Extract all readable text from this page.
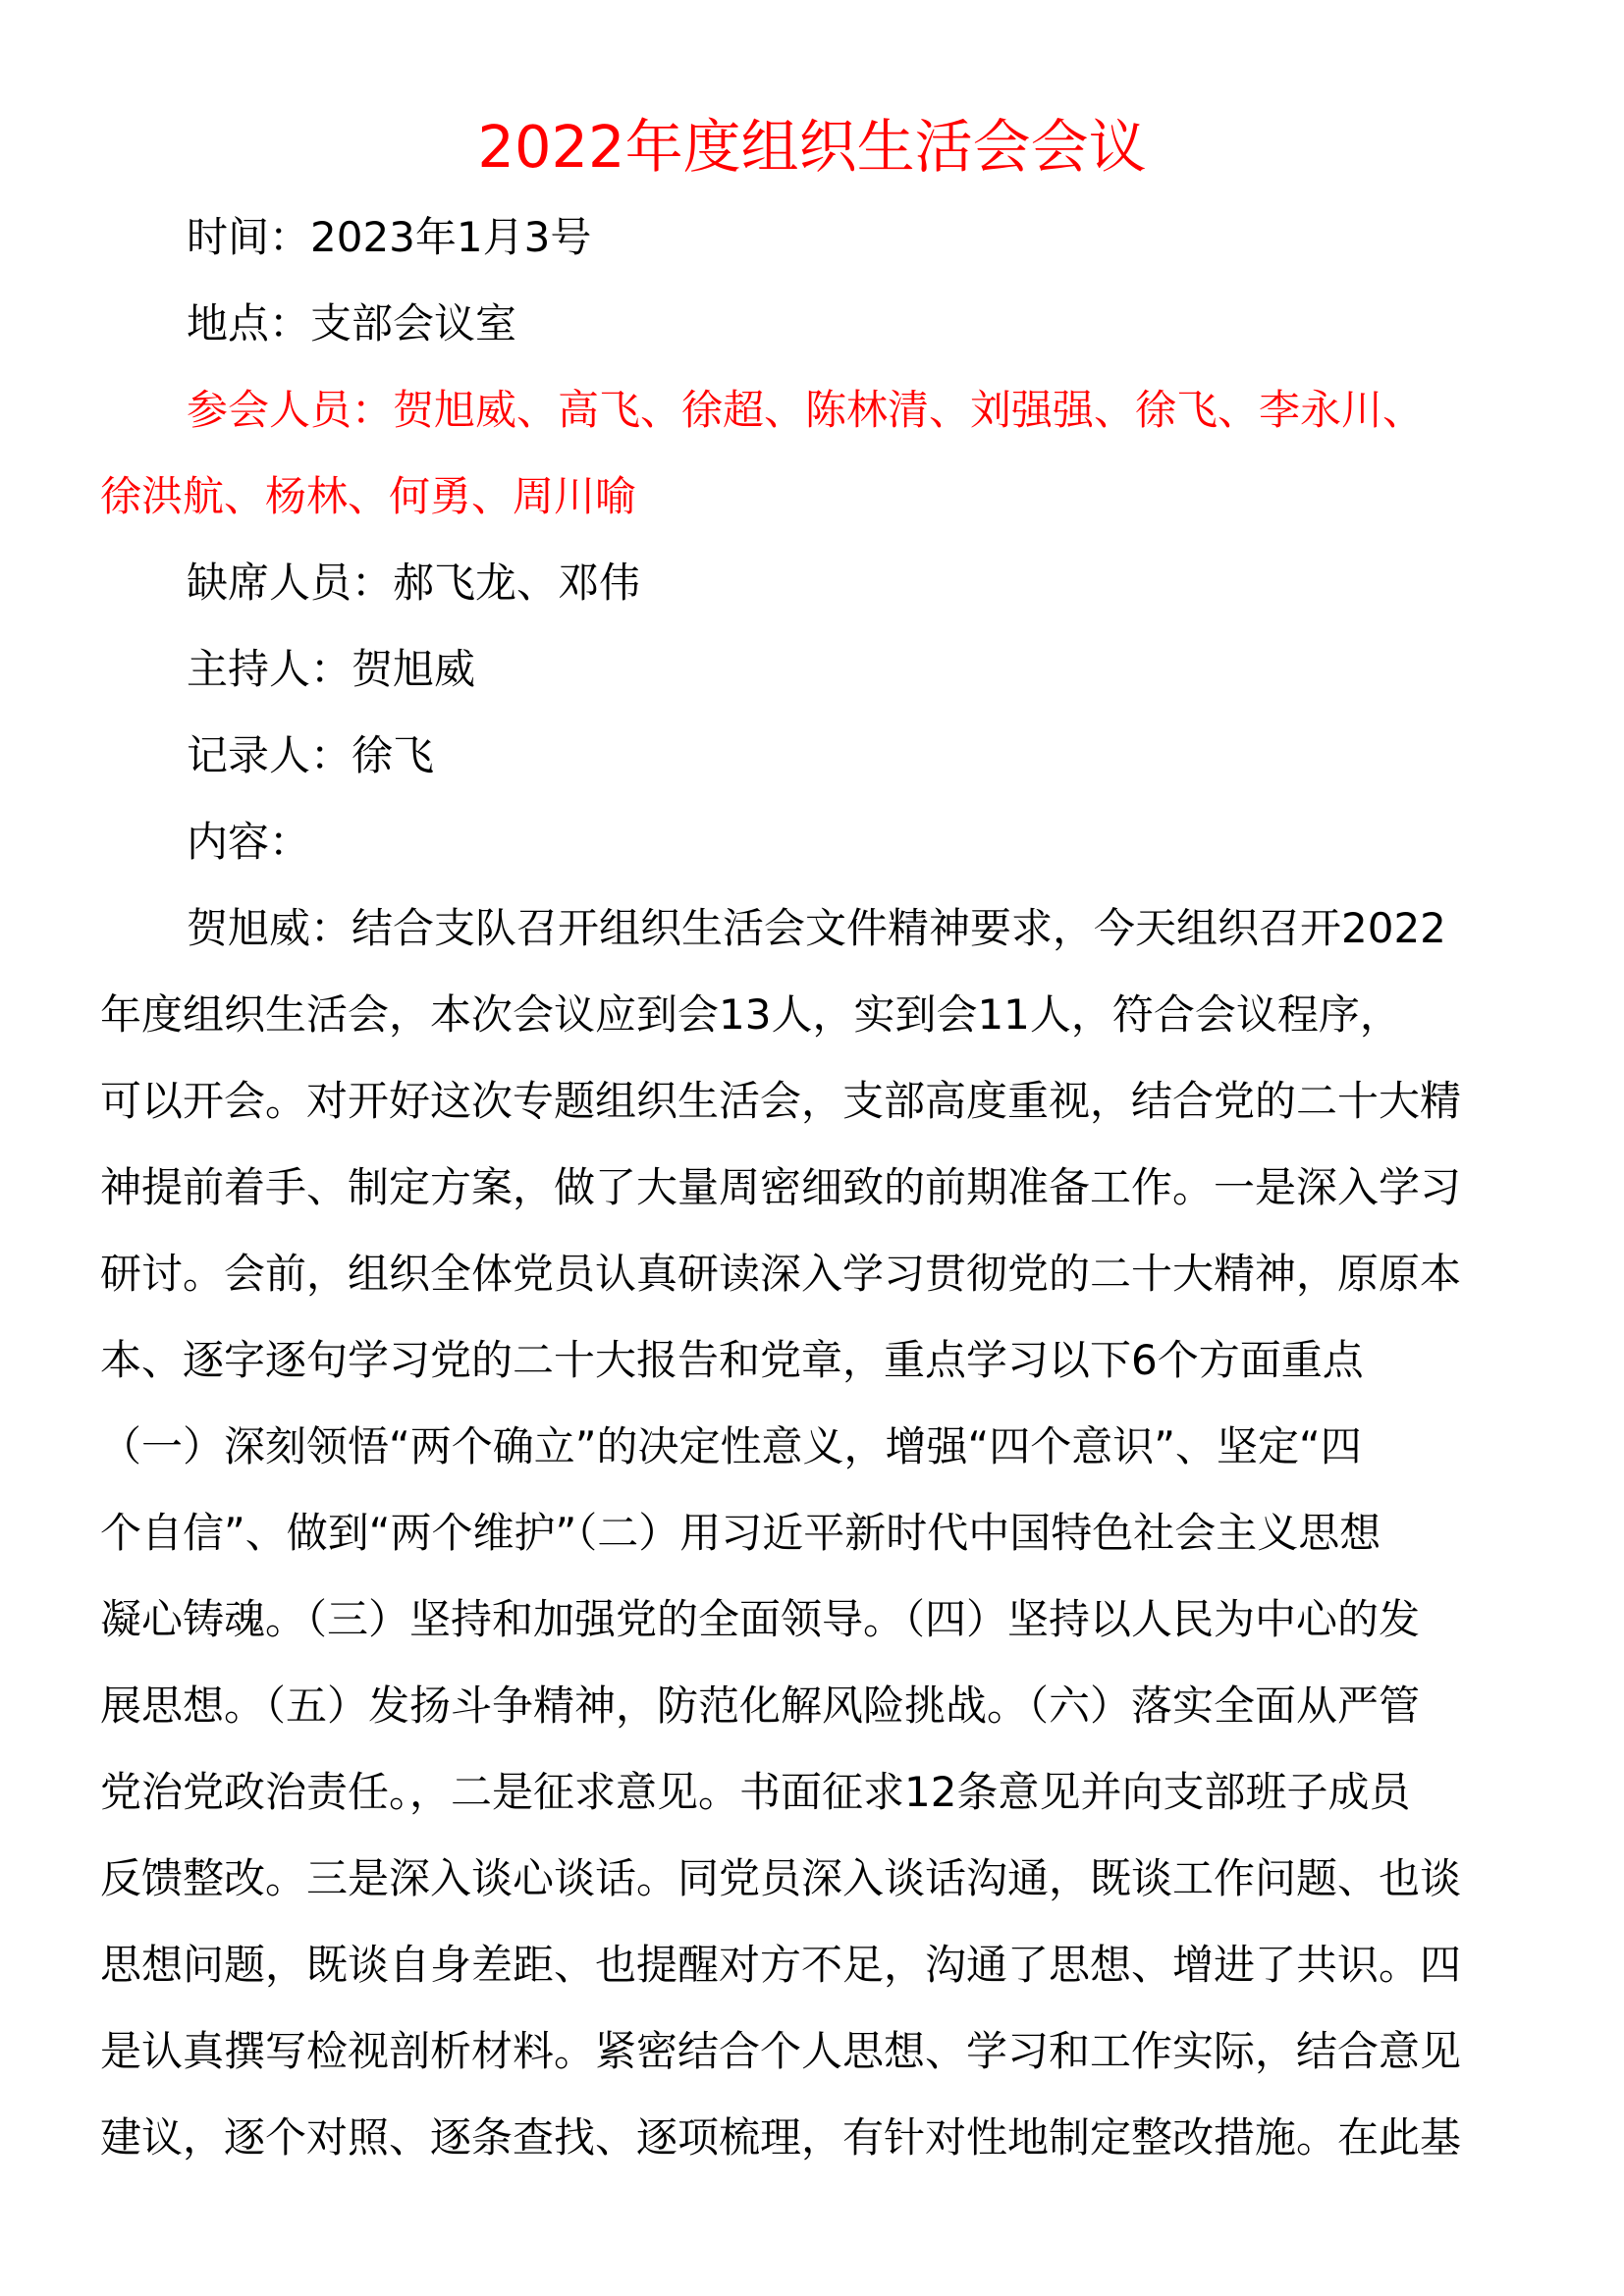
2022年度组织生活会会议

时间：2023年1月3号

地点：支部会议室

参会人员：贺旭威、高飞、徐超、陈林清、刘强强、徐飞、李永川、

徐洪航、杨林、何勇、周川喻

缺席人员：郝飞龙、邓伟

主持人：贺旭威

记录人：徐飞

内容：

贺旭威：结合支队召开组织生活会文件精神要求，今天组织召开2022

年度组织生活会，本次会议应到会13人，实到会11人，符合会议程序，

可以开会。对开好这次专题组织生活会，支部高度重视，结合党的二十大精

神提前着手、制定方案，做了大量周密细致的前期准备工作。一是深入学习

研讨。会前，组织全体党员认真研读深入学习贯彻党的二十大精神，原原本

本、逐字逐句学习党的二十大报告和党章，重点学习以下6个方面重点

（一）深刻领悟“两个确立”的决定性意义，增强“四个意识”、坚定“四

个自信”、做到“两个维护”（二）用习近平新时代中国特色社会主义思想

凝心铸魂。（三）坚持和加强党的全面领导。（四）坚持以人民为中心的发

展思想。（五）发扬斗争精神，防范化解风险挑战。（六）落实全面从严管

党治党政治责任。，二是征求意见。书面征求12条意见并向支部班子成员

反馈整改。三是深入谈心谈话。同党员深入谈话沟通，既谈工作问题、也谈

思想问题，既谈自身差距、也提醒对方不足，沟通了思想、增进了共识。四

是认真撰写检视剖析材料。紧密结合个人思想、学习和工作实际，结合意见

建议，逐个对照、逐条查找、逐项梳理，有针对性地制定整改措施。在此基
